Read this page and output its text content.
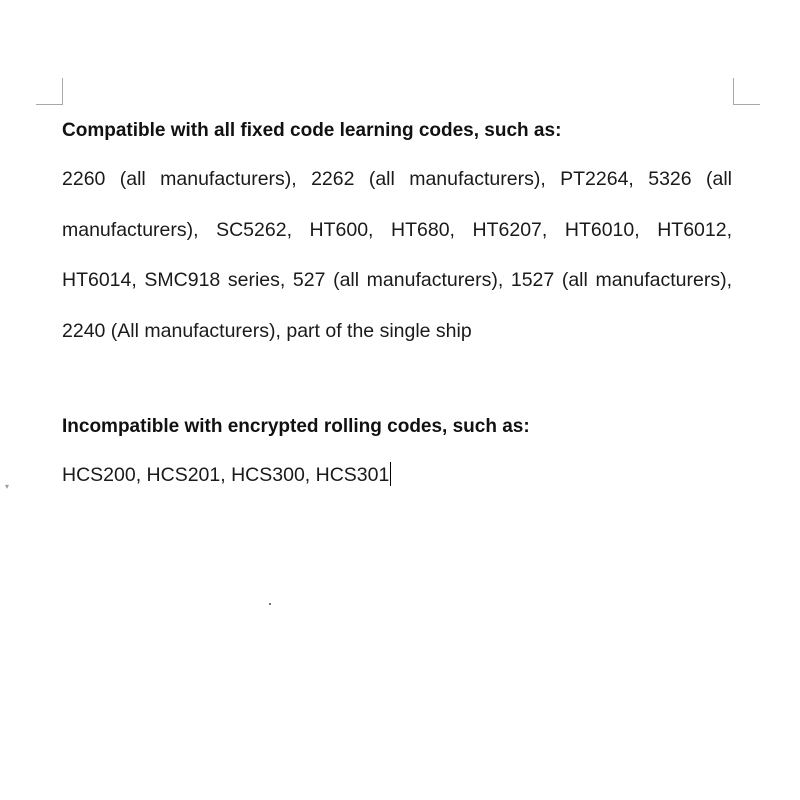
▾

Compatible with all fixed code learning codes, such as:

2260 (all manufacturers), 2262 (all manufacturers), PT2264, 5326 (all manufacturers), SC5262, HT600, HT680, HT6207, HT6010, HT6012, HT6014, SMC918 series, 527 (all manufacturers), 1527 (all manufacturers), 2240 (All manufacturers), part of the single ship

Incompatible with encrypted rolling codes, such as:

HCS200, HCS201, HCS300, HCS301
